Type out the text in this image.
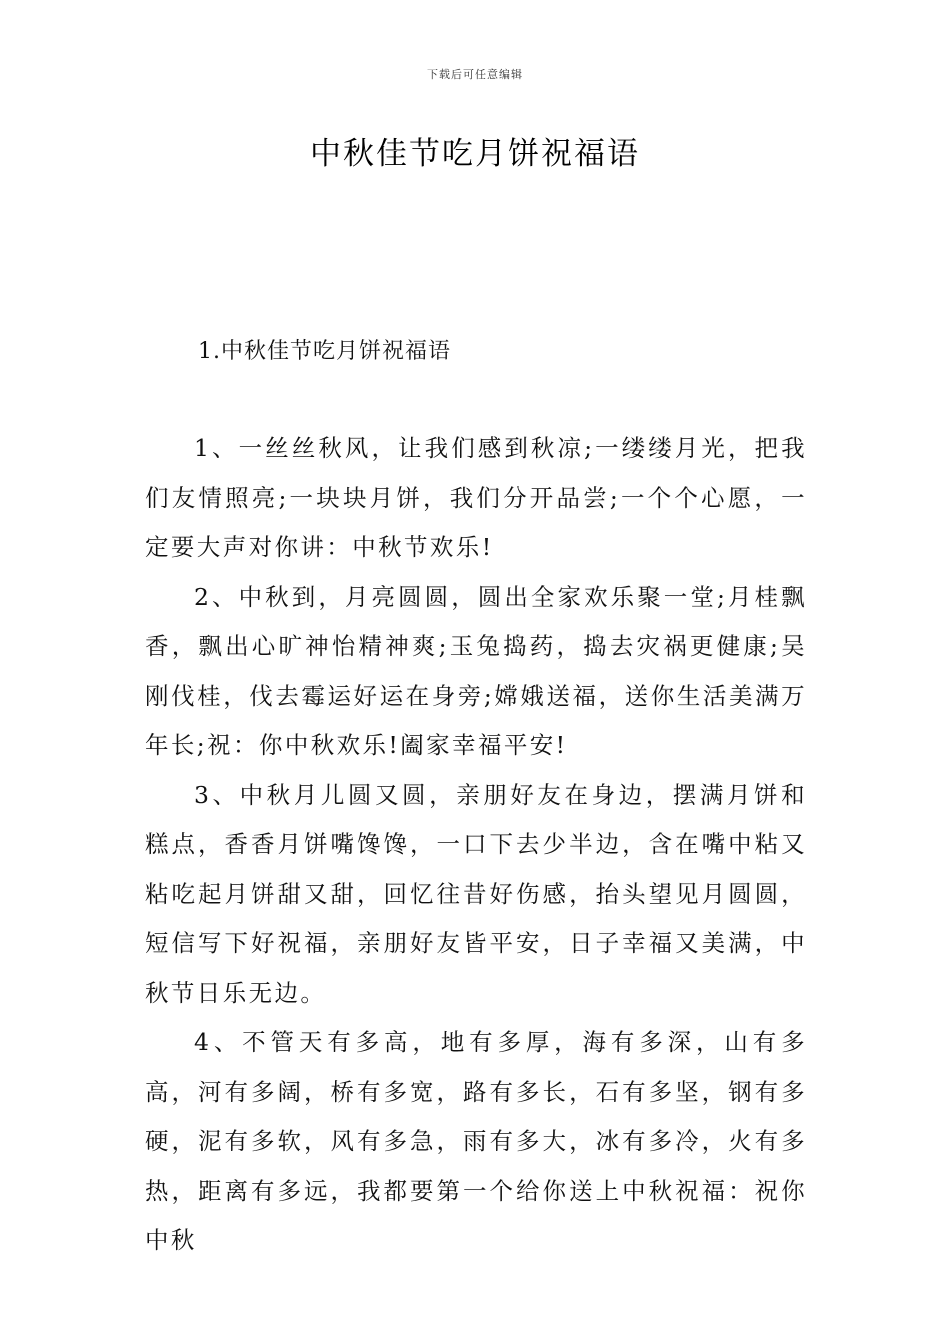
下载后可任意编辑
中秋佳节吃月饼祝福语
1.中秋佳节吃月饼祝福语

1、一丝丝秋风，让我们感到秋凉;一缕缕月光，把我们友情照亮;一块块月饼，我们分开品尝;一个个心愿，一定要大声对你讲：中秋节欢乐!

2、中秋到，月亮圆圆，圆出全家欢乐聚一堂;月桂飘香，飘出心旷神怡精神爽;玉兔捣药，捣去灾祸更健康;吴刚伐桂，伐去霉运好运在身旁;嫦娥送福，送你生活美满万年长;祝：你中秋欢乐!阖家幸福平安!

3、中秋月儿圆又圆，亲朋好友在身边，摆满月饼和糕点，香香月饼嘴馋馋，一口下去少半边，含在嘴中粘又粘吃起月饼甜又甜，回忆往昔好伤感，抬头望见月圆圆，短信写下好祝福，亲朋好友皆平安，日子幸福又美满，中秋节日乐无边。

4、不管天有多高，地有多厚，海有多深，山有多高，河有多阔，桥有多宽，路有多长，石有多坚，钢有多硬，泥有多软，风有多急，雨有多大，冰有多冷，火有多热，距离有多远，我都要第一个给你送上中秋祝福：祝你中秋
